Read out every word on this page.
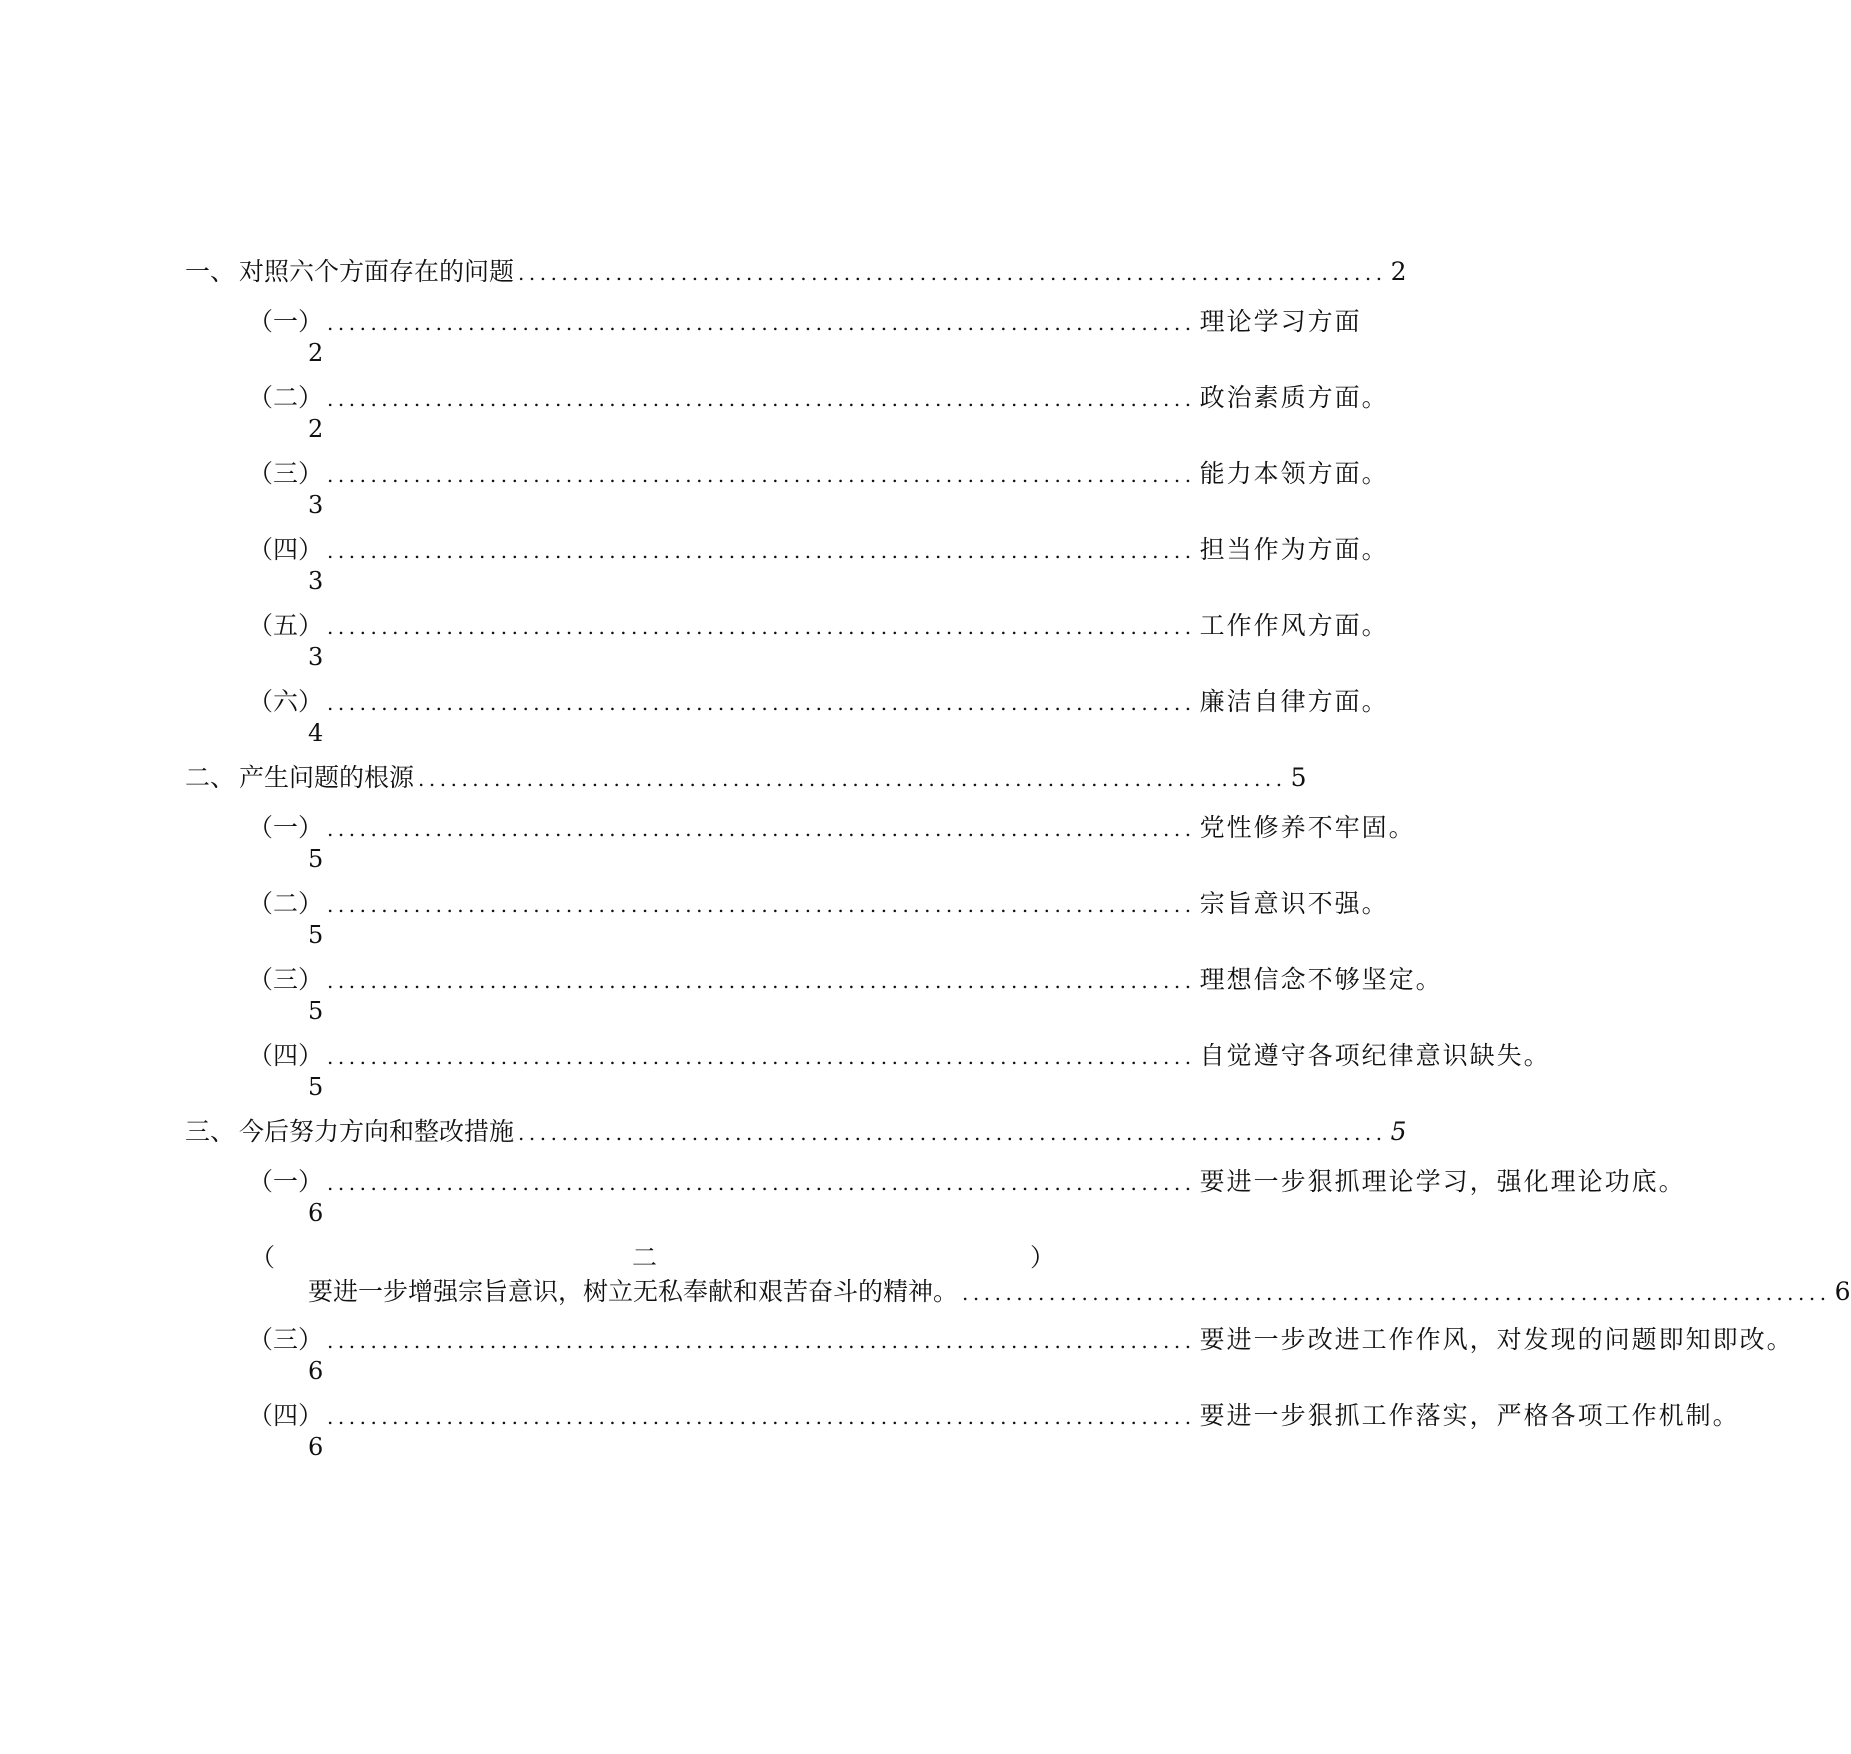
一、 对照六个方面存在的问题 ................................................................................ 2
（一） ................................................................................ 理论学习方面
2
（二） ................................................................................ 政治素质方面。
2
（三） ................................................................................ 能力本领方面。
3
（四） ................................................................................ 担当作为方面。
3
（五） ................................................................................ 工作作风方面。
3
（六） ................................................................................ 廉洁自律方面。
4
二、 产生问题的根源 ................................................................................ 5
（一） ................................................................................ 党性修养不牢固。
5
（二） ................................................................................ 宗旨意识不强。
5
（三） ................................................................................ 理想信念不够坚定。
5
（四） ................................................................................ 自觉遵守各项纪律意识缺失。
5
三、 今后努力方向和整改措施 ................................................................................ 5
（一） ................................................................................ 要进一步狠抓理论学习，强化理论功底。
6
（	二	）
要进一步增强宗旨意识，树立无私奉献和艰苦奋斗的精神。 ................................................................................ 6
（三） ................................................................................ 要进一步改进工作作风，对发现的问题即知即改。
6
（四） ................................................................................ 要进一步狠抓工作落实，严格各项工作机制。
6
